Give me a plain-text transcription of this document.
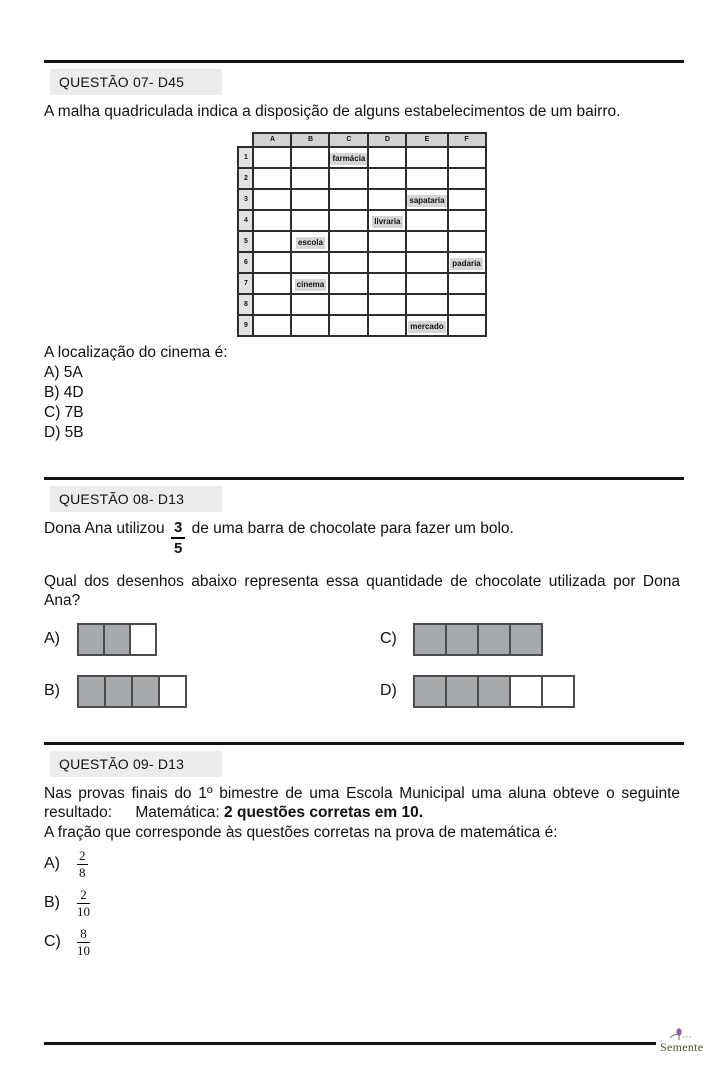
QUESTÃO 07- D45

A malha quadriculada indica a disposição de alguns estabelecimentos de um bairro.

	A	B	C	D	E	F
1			farmácia			
2						
3					sapataria	
4				livraria		
5		escola				
6						padaria
7		cinema				
8						
9					mercado	

A localização do cinema é:

A) 5A
B) 4D
C) 7B
D) 5B
QUESTÃO 08- D13

Dona Ana utilizou $\frac{3}{5}$ de uma barra de chocolate para fazer um bolo.

Qual dos desenhos abaixo representa essa quantidade de chocolate utilizada por Dona Ana?

A)
B)
C)
D)
QUESTÃO 09- D13

Nas provas finais do 1º bimestre de uma Escola Municipal uma aluna obteve o seguinte resultado:  Matemática: 2 questões corretas em 10.

A fração que corresponde às questões corretas na prova de matemática é:

A)	$\frac{2}{8}$
B)	$\frac{2}{10}$
C)	$\frac{8}{10}$
Semente
